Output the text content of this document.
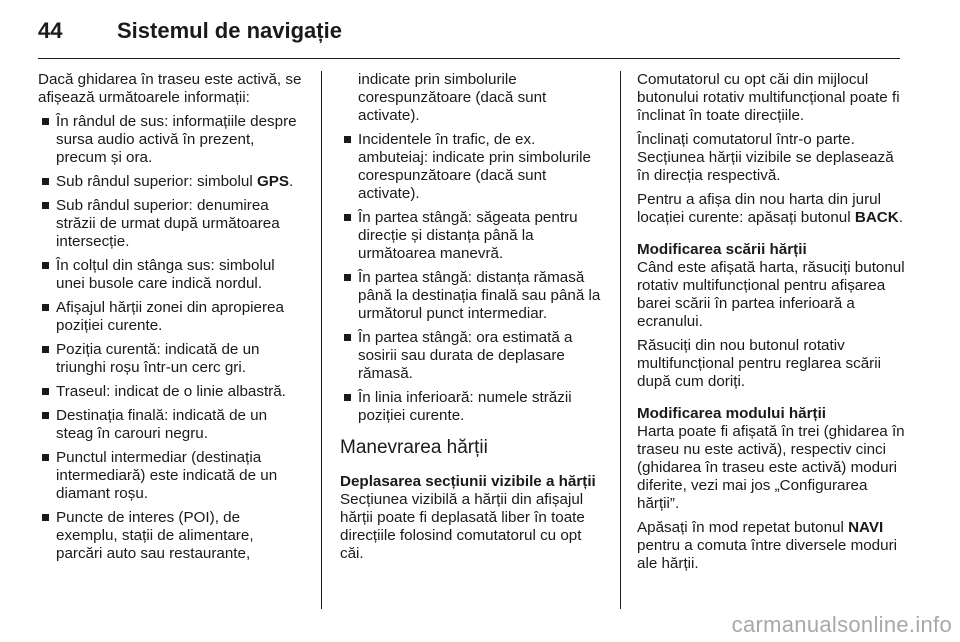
44 Sistemul de navigație

Dacă ghidarea în traseu este activă, se afișează următoarele informații:

În rândul de sus: informațiile despre sursa audio activă în prezent, precum și ora.
Sub rândul superior: simbolul GPS.
Sub rândul superior: denumirea străzii de urmat după următoarea intersecție.
În colțul din stânga sus: simbolul unei busole care indică nordul.
Afișajul hărții zonei din apropierea poziției curente.
Poziția curentă: indicată de un triunghi roșu într-un cerc gri.
Traseul: indicat de o linie albastră.
Destinația finală: indicată de un steag în carouri negru.
Punctul intermediar (destinația intermediară) este indicată de un diamant roșu.
Puncte de interes (POI), de exemplu, stații de alimentare, parcări auto sau restaurante,
indicate prin simbolurile corespunzătoare (dacă sunt activate).
Incidentele în trafic, de ex. ambuteiaj: indicate prin simbolurile corespunzătoare (dacă sunt activate).
În partea stângă: săgeata pentru direcție și distanța până la următoarea manevră.
În partea stângă: distanța rămasă până la destinația finală sau până la următorul punct intermediar.
În partea stângă: ora estimată a sosirii sau durata de deplasare rămasă.
În linia inferioară: numele străzii poziției curente.
Manevrarea hărții

Deplasarea secțiunii vizibile a hărții

Secțiunea vizibilă a hărții din afișajul hărții poate fi deplasată liber în toate direcțiile folosind comutatorul cu opt căi.

Comutatorul cu opt căi din mijlocul butonului rotativ multifuncțional poate fi înclinat în toate direcțiile.

Înclinați comutatorul într-o parte. Secțiunea hărții vizibile se deplasează în direcția respectivă.

Pentru a afișa din nou harta din jurul locației curente: apăsați butonul BACK.

Modificarea scării hărții

Când este afișată harta, răsuciți butonul rotativ multifuncțional pentru afișarea barei scării în partea inferioară a ecranului.

Răsuciți din nou butonul rotativ multifuncțional pentru reglarea scării după cum doriți.

Modificarea modului hărții

Harta poate fi afișată în trei (ghidarea în traseu nu este activă), respectiv cinci (ghidarea în traseu este activă) moduri diferite, vezi mai jos „Configurarea hărții”.

Apăsați în mod repetat butonul NAVI pentru a comuta între diversele moduri ale hărții.

carmanualsonline.info
